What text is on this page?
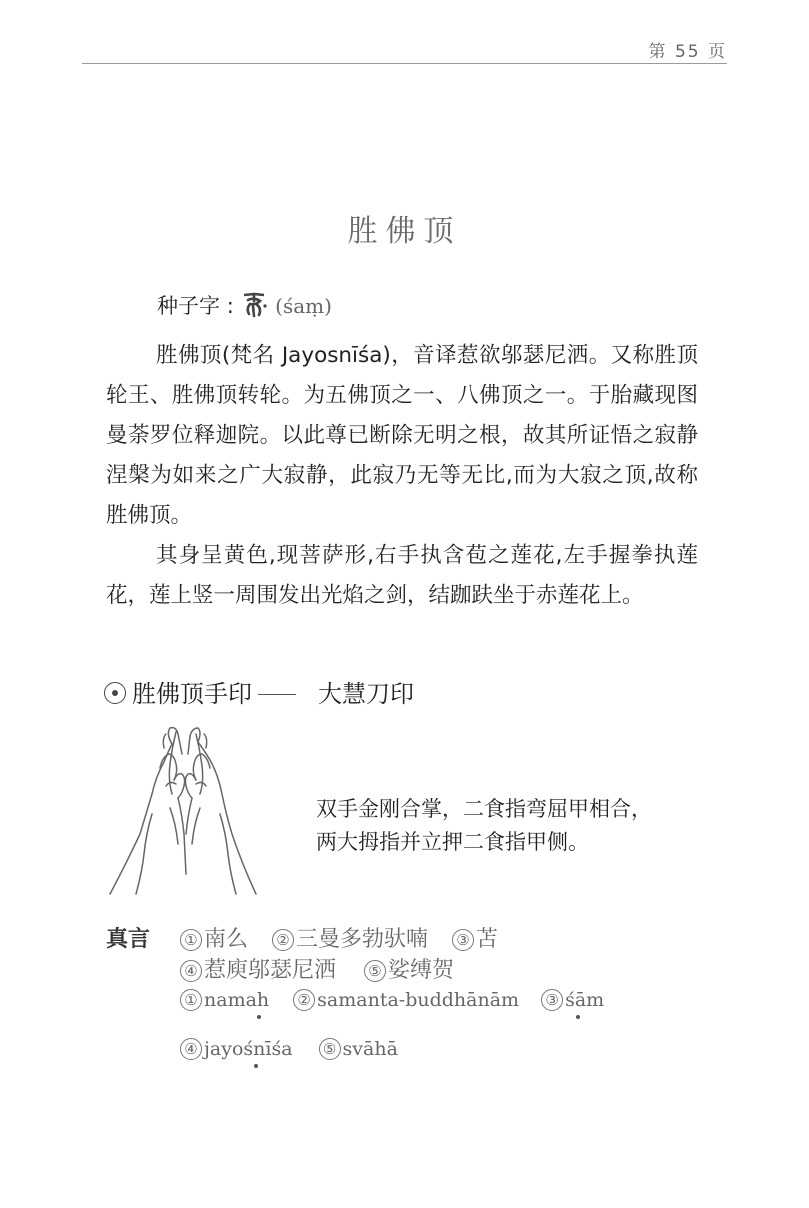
第 55 页
胜佛顶
种子字 : (śaṃ)

胜佛顶(梵名 Jayosnīśa)，音译惹欲邬瑟尼洒。又称胜顶轮王、胜佛顶转轮。为五佛顶之一、八佛顶之一。于胎藏现图曼荼罗位释迦院。以此尊已断除无明之根，故其所证悟之寂静涅槃为如来之广大寂静，此寂乃无等无比,而为大寂之顶,故称胜佛顶。

其身呈黄色,现菩萨形,右手执含苞之莲花,左手握拳执莲花，莲上竖一周围发出光焰之剑，结跏趺坐于赤莲花上。

胜佛顶手印	大慧刀印
双手金刚合掌，二食指弯屈甲相合，
两大拇指并立押二食指甲侧。
真言 ① 南么 ② 三曼多勃驮喃 ③ 苫
④ 惹庾邬瑟尼洒 ⑤ 娑缚贺
① namah ② samanta-buddhānām ③ śām
④ jayośnīśa ⑤ svāhā
